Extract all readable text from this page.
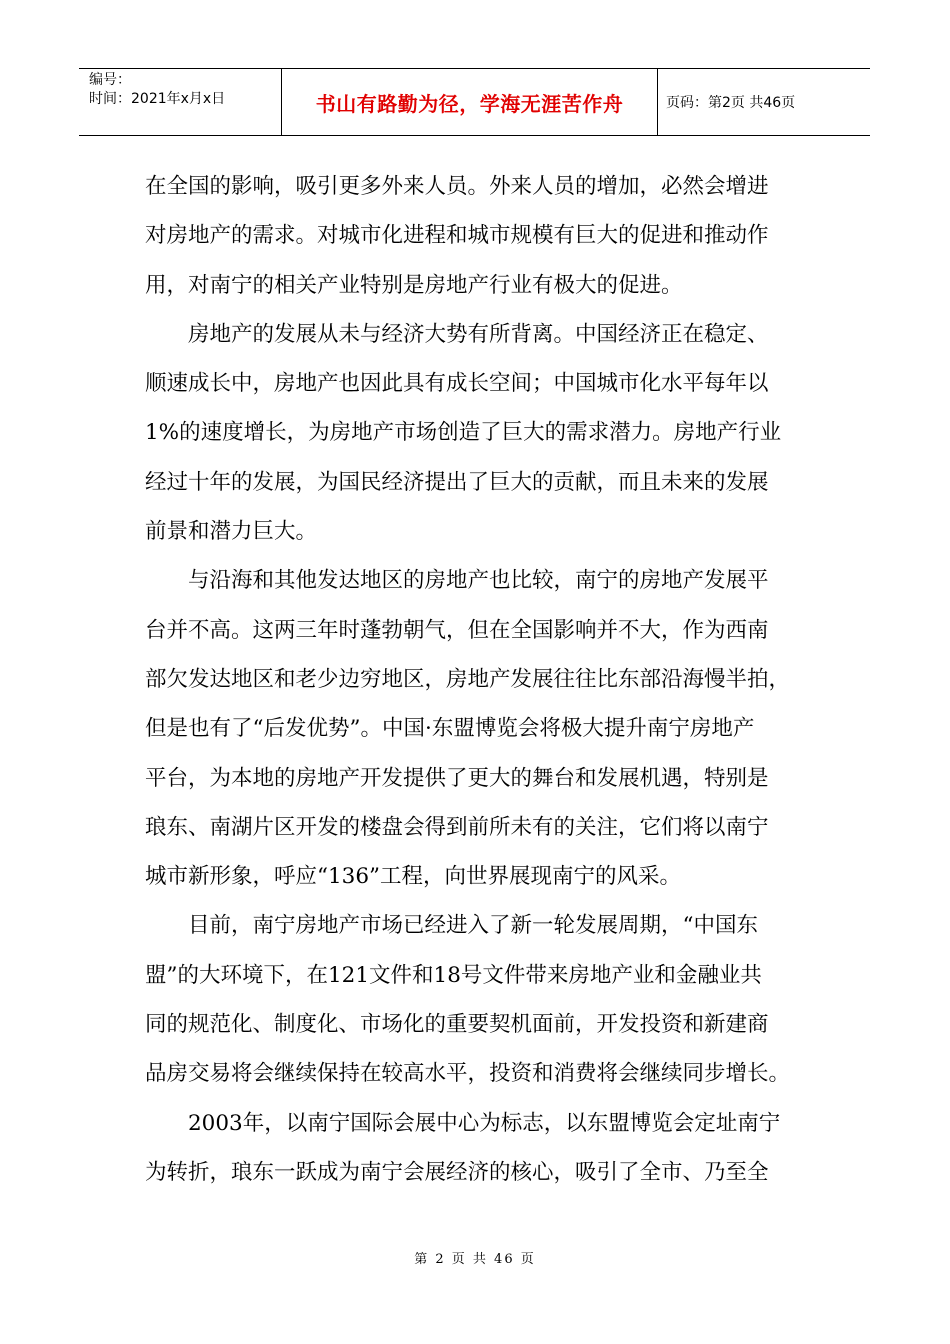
编号：
时间：2021年x月x日	书山有路勤为径，学海无涯苦作舟	页码：第2页 共46页
在全国的影响，吸引更多外来人员。外来人员的增加，必然会增进
对房地产的需求。对城市化进程和城市规模有巨大的促进和推动作
用，对南宁的相关产业特别是房地产行业有极大的促进。
房地产的发展从未与经济大势有所背离。中国经济正在稳定、
顺速成长中，房地产也因此具有成长空间；中国城市化水平每年以
1%的速度增长，为房地产市场创造了巨大的需求潜力。房地产行业
经过十年的发展，为国民经济提出了巨大的贡献，而且未来的发展
前景和潜力巨大。
与沿海和其他发达地区的房地产也比较，南宁的房地产发展平
台并不高。这两三年时蓬勃朝气，但在全国影响并不大，作为西南
部欠发达地区和老少边穷地区，房地产发展往往比东部沿海慢半拍，
但是也有了“后发优势”。中国·东盟博览会将极大提升南宁房地产
平台，为本地的房地产开发提供了更大的舞台和发展机遇，特别是
琅东、南湖片区开发的楼盘会得到前所未有的关注，它们将以南宁
城市新形象，呼应“136”工程，向世界展现南宁的风采。
目前，南宁房地产市场已经进入了新一轮发展周期，“中国东
盟”的大环境下，在121文件和18号文件带来房地产业和金融业共
同的规范化、制度化、市场化的重要契机面前，开发投资和新建商
品房交易将会继续保持在较高水平，投资和消费将会继续同步增长。
2003年，以南宁国际会展中心为标志，以东盟博览会定址南宁
为转折，琅东一跃成为南宁会展经济的核心，吸引了全市、乃至全
第 2 页 共 46 页
